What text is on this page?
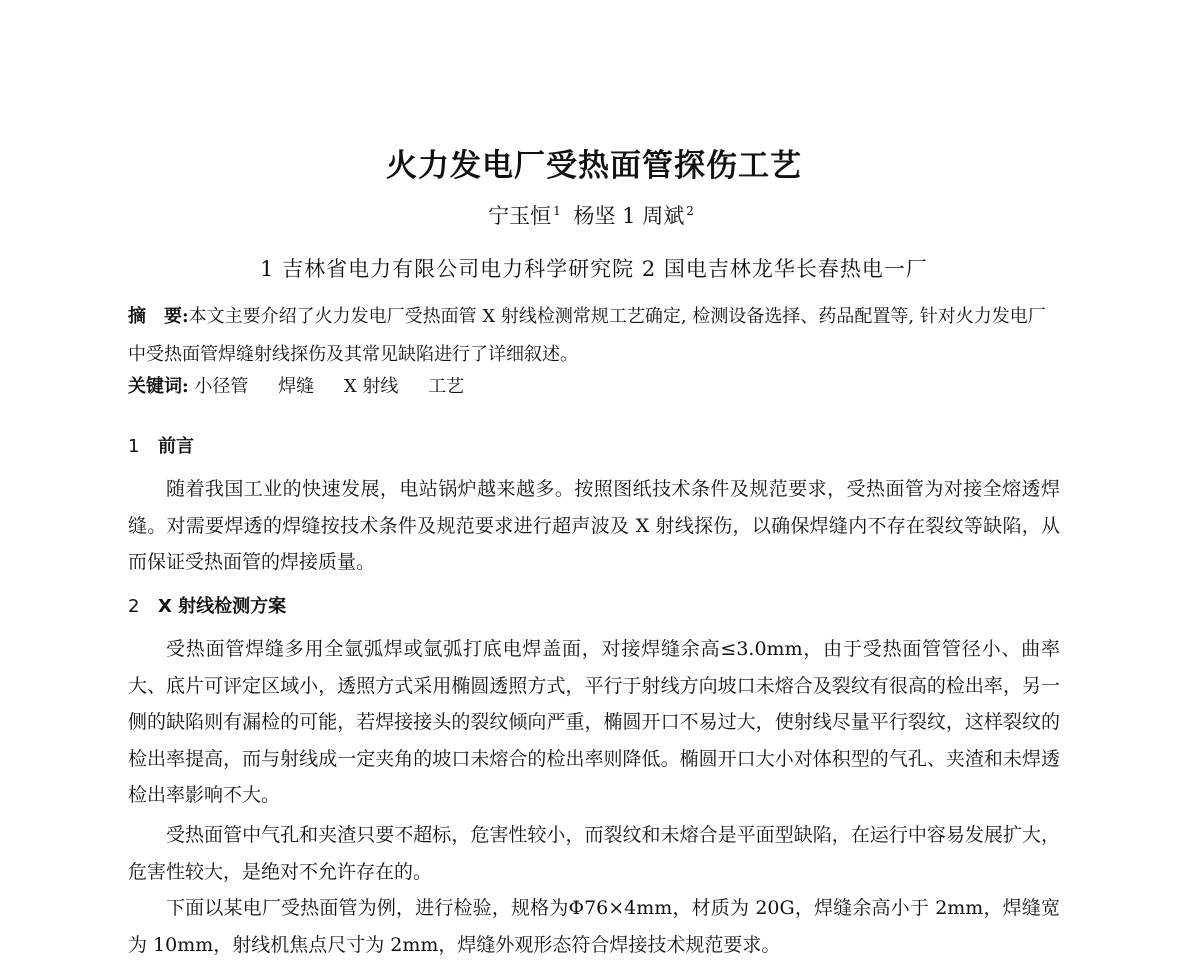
火力发电厂受热面管探伤工艺
宁玉恒 $^1$ 杨坚 1 周斌 $^2$
1 吉林省电力有限公司电力科学研究院 2 国电吉林龙华长春热电一厂
摘　要:本文主要介绍了火力发电厂受热面管 X 射线检测常规工艺确定, 检测设备选择、药品配置等, 针对火力发电厂中受热面管焊缝射线探伤及其常见缺陷进行了详细叙述。
关键词: 小径管 焊缝 X 射线 工艺
1 前言
随着我国工业的快速发展，电站锅炉越来越多。按照图纸技术条件及规范要求，受热面管为对接全熔透焊缝。对需要焊透的焊缝按技术条件及规范要求进行超声波及 X 射线探伤，以确保焊缝内不存在裂纹等缺陷，从而保证受热面管的焊接质量。
2 X 射线检测方案
受热面管焊缝多用全氩弧焊或氩弧打底电焊盖面，对接焊缝余高≤3.0mm，由于受热面管管径小、曲率大、底片可评定区域小，透照方式采用椭圆透照方式，平行于射线方向坡口未熔合及裂纹有很高的检出率，另一侧的缺陷则有漏检的可能，若焊接接头的裂纹倾向严重，椭圆开口不易过大，使射线尽量平行裂纹，这样裂纹的检出率提高，而与射线成一定夹角的坡口未熔合的检出率则降低。椭圆开口大小对体积型的气孔、夹渣和未焊透检出率影响不大。
受热面管中气孔和夹渣只要不超标，危害性较小，而裂纹和未熔合是平面型缺陷，在运行中容易发展扩大，危害性较大，是绝对不允许存在的。
下面以某电厂受热面管为例，进行检验，规格为Φ76×4mm，材质为 20G，焊缝余高小于 2mm，焊缝宽为 10mm，射线机焦点尺寸为 2mm，焊缝外观形态符合焊接技术规范要求。
